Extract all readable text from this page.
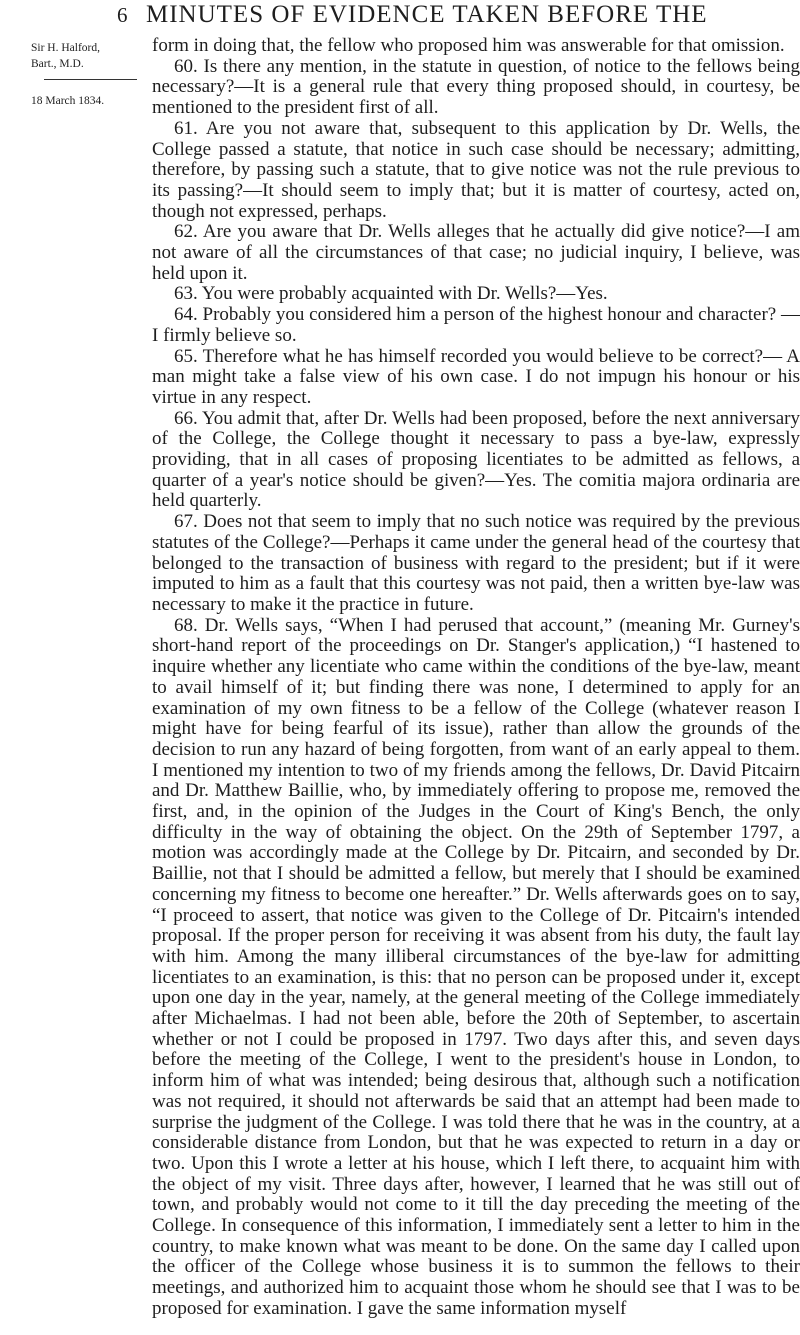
6 MINUTES OF EVIDENCE TAKEN BEFORE THE
Sir H. Halford,
Bart., M.D.
18 March 1834.

form in doing that, the fellow who proposed him was answerable for that omission.

60. Is there any mention, in the statute in question, of notice to the fellows being necessary?—It is a general rule that every thing proposed should, in courtesy, be mentioned to the president first of all.

61. Are you not aware that, subsequent to this application by Dr. Wells, the College passed a statute, that notice in such case should be necessary; admitting, therefore, by passing such a statute, that to give notice was not the rule previous to its passing?—It should seem to imply that; but it is matter of courtesy, acted on, though not expressed, perhaps.

62. Are you aware that Dr. Wells alleges that he actually did give notice?—I am not aware of all the circumstances of that case; no judicial inquiry, I believe, was held upon it.

63. You were probably acquainted with Dr. Wells?—Yes.

64. Probably you considered him a person of the highest honour and character? —I firmly believe so.

65. Therefore what he has himself recorded you would believe to be correct?— A man might take a false view of his own case. I do not impugn his honour or his virtue in any respect.

66. You admit that, after Dr. Wells had been proposed, before the next anniversary of the College, the College thought it necessary to pass a bye-law, expressly providing, that in all cases of proposing licentiates to be admitted as fellows, a quarter of a year's notice should be given?—Yes. The comitia majora ordinaria are held quarterly.

67. Does not that seem to imply that no such notice was required by the previous statutes of the College?—Perhaps it came under the general head of the courtesy that belonged to the transaction of business with regard to the president; but if it were imputed to him as a fault that this courtesy was not paid, then a written bye-law was necessary to make it the practice in future.

68. Dr. Wells says, “When I had perused that account,” (meaning Mr. Gurney's short-hand report of the proceedings on Dr. Stanger's application,) “I hastened to inquire whether any licentiate who came within the conditions of the bye-law, meant to avail himself of it; but finding there was none, I determined to apply for an examination of my own fitness to be a fellow of the College (whatever reason I might have for being fearful of its issue), rather than allow the grounds of the decision to run any hazard of being forgotten, from want of an early appeal to them. I mentioned my intention to two of my friends among the fellows, Dr. David Pitcairn and Dr. Matthew Baillie, who, by immediately offering to propose me, removed the first, and, in the opinion of the Judges in the Court of King's Bench, the only difficulty in the way of obtaining the object. On the 29th of September 1797, a motion was accordingly made at the College by Dr. Pitcairn, and seconded by Dr. Baillie, not that I should be admitted a fellow, but merely that I should be examined concerning my fitness to become one hereafter.” Dr. Wells afterwards goes on to say, “I proceed to assert, that notice was given to the College of Dr. Pitcairn's intended proposal. If the proper person for receiving it was absent from his duty, the fault lay with him. Among the many illiberal circumstances of the bye-law for admitting licentiates to an examination, is this: that no person can be proposed under it, except upon one day in the year, namely, at the general meeting of the College immediately after Michaelmas. I had not been able, before the 20th of September, to ascertain whether or not I could be proposed in 1797. Two days after this, and seven days before the meeting of the College, I went to the president's house in London, to inform him of what was intended; being desirous that, although such a notification was not required, it should not afterwards be said that an attempt had been made to surprise the judgment of the College. I was told there that he was in the country, at a considerable distance from London, but that he was expected to return in a day or two. Upon this I wrote a letter at his house, which I left there, to acquaint him with the object of my visit. Three days after, however, I learned that he was still out of town, and probably would not come to it till the day preceding the meeting of the College. In consequence of this information, I immediately sent a letter to him in the country, to make known what was meant to be done. On the same day I called upon the officer of the College whose business it is to summon the fellows to their meetings, and authorized him to acquaint those whom he should see that I was to be proposed for examination. I gave the same information myself
